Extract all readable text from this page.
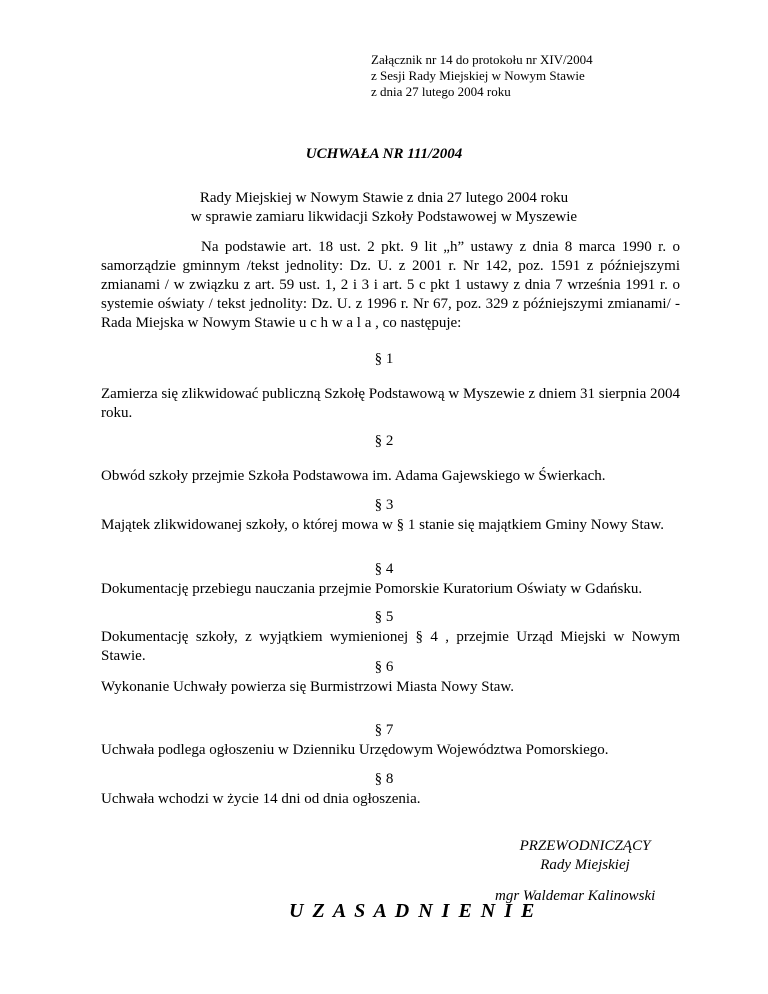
Załącznik nr 14 do protokołu nr XIV/2004
z Sesji Rady Miejskiej w Nowym Stawie
z dnia 27 lutego 2004 roku
UCHWAŁA NR 111/2004
Rady Miejskiej w Nowym Stawie z dnia 27 lutego 2004 roku
w sprawie zamiaru likwidacji Szkoły Podstawowej w Myszewie
Na podstawie art. 18 ust. 2 pkt. 9 lit „h” ustawy z dnia 8 marca 1990 r. o samorządzie gminnym /tekst jednolity: Dz. U. z 2001 r. Nr 142, poz. 1591 z późniejszymi zmianami / w związku z art. 59 ust. 1, 2 i 3 i art. 5 c pkt 1 ustawy z dnia 7 września 1991 r. o systemie oświaty / tekst jednolity: Dz. U. z 1996 r. Nr 67, poz. 329 z późniejszymi zmianami/ - Rada Miejska w Nowym Stawie u c h w a l a , co następuje:
§ 1
Zamierza się zlikwidować publiczną Szkołę Podstawową w Myszewie z dniem 31 sierpnia 2004 roku.
§ 2
Obwód szkoły przejmie Szkoła Podstawowa im. Adama Gajewskiego w Świerkach.
§ 3
Majątek zlikwidowanej szkoły, o której mowa w § 1 stanie się majątkiem Gminy Nowy Staw.
§ 4
Dokumentację przebiegu nauczania przejmie Pomorskie Kuratorium Oświaty w Gdańsku.
§ 5
Dokumentację szkoły, z wyjątkiem wymienionej § 4 , przejmie Urząd Miejski w Nowym Stawie.
§ 6
Wykonanie Uchwały powierza się Burmistrzowi Miasta Nowy Staw.
§ 7
Uchwała podlega ogłoszeniu w Dzienniku Urzędowym Województwa Pomorskiego.
§ 8
Uchwała wchodzi w życie 14 dni od dnia ogłoszenia.
PRZEWODNICZĄCY
Rady Miejskiej
mgr Waldemar Kalinowski
U Z A S A D N I E N I E
